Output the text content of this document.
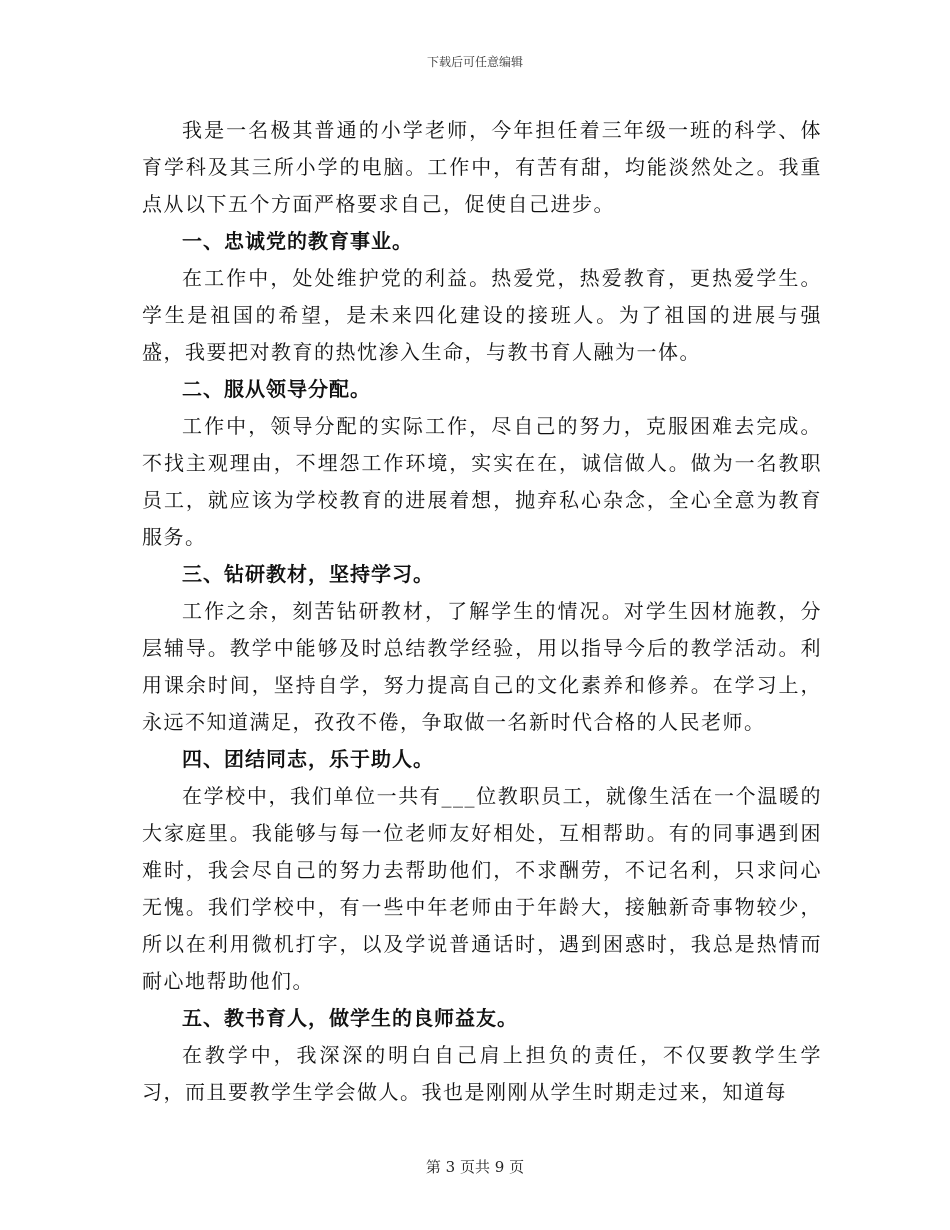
下载后可任意编辑

我是一名极其普通的小学老师，今年担任着三年级一班的科学、体育学科及其三所小学的电脑。工作中，有苦有甜，均能淡然处之。我重点从以下五个方面严格要求自己，促使自己进步。

一、忠诚党的教育事业。

在工作中，处处维护党的利益。热爱党，热爱教育，更热爱学生。学生是祖国的希望，是未来四化建设的接班人。为了祖国的进展与强盛，我要把对教育的热忱渗入生命，与教书育人融为一体。

二、服从领导分配。

工作中，领导分配的实际工作，尽自己的努力，克服困难去完成。不找主观理由，不埋怨工作环境，实实在在，诚信做人。做为一名教职员工，就应该为学校教育的进展着想，抛弃私心杂念，全心全意为教育服务。

三、钻研教材，坚持学习。

工作之余，刻苦钻研教材，了解学生的情况。对学生因材施教，分层辅导。教学中能够及时总结教学经验，用以指导今后的教学活动。利用课余时间，坚持自学，努力提高自己的文化素养和修养。在学习上，永远不知道满足，孜孜不倦，争取做一名新时代合格的人民老师。

四、团结同志，乐于助人。

在学校中，我们单位一共有___位教职员工，就像生活在一个温暖的大家庭里。我能够与每一位老师友好相处，互相帮助。有的同事遇到困难时，我会尽自己的努力去帮助他们，不求酬劳，不记名利，只求问心无愧。我们学校中，有一些中年老师由于年龄大，接触新奇事物较少，所以在利用微机打字，以及学说普通话时，遇到困惑时，我总是热情而耐心地帮助他们。

五、教书育人，做学生的良师益友。

在教学中，我深深的明白自己肩上担负的责任，不仅要教学生学习，而且要教学生学会做人。我也是刚刚从学生时期走过来，知道每

第 3 页共 9 页
